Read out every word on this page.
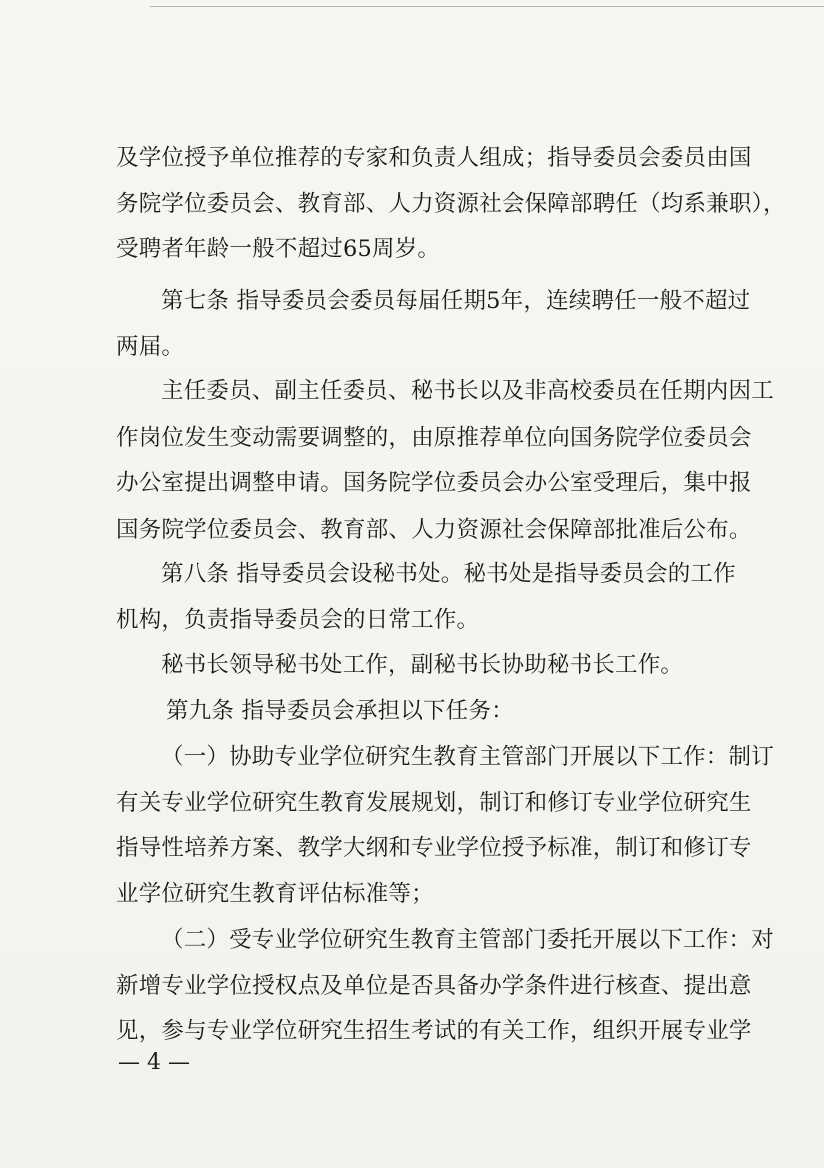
及学位授予单位推荐的专家和负责人组成；指导委员会委员由国
务院学位委员会、教育部、人力资源社会保障部聘任（均系兼职），
受聘者年龄一般不超过65周岁。
第七条 指导委员会委员每届任期5年，连续聘任一般不超过
两届。
主任委员、副主任委员、秘书长以及非高校委员在任期内因工
作岗位发生变动需要调整的，由原推荐单位向国务院学位委员会
办公室提出调整申请。国务院学位委员会办公室受理后，集中报
国务院学位委员会、教育部、人力资源社会保障部批准后公布。
第八条 指导委员会设秘书处。秘书处是指导委员会的工作
机构，负责指导委员会的日常工作。
秘书长领导秘书处工作，副秘书长协助秘书长工作。
第九条 指导委员会承担以下任务：
（一）协助专业学位研究生教育主管部门开展以下工作：制订
有关专业学位研究生教育发展规划，制订和修订专业学位研究生
指导性培养方案、教学大纲和专业学位授予标准，制订和修订专
业学位研究生教育评估标准等；
（二）受专业学位研究生教育主管部门委托开展以下工作：对
新增专业学位授权点及单位是否具备办学条件进行核查、提出意
见，参与专业学位研究生招生考试的有关工作，组织开展专业学
— 4 —
